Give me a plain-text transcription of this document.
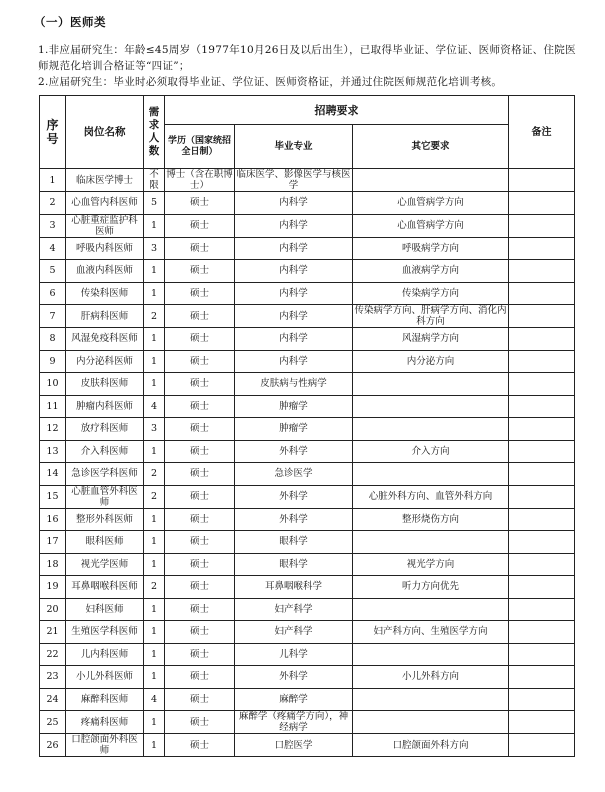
（一）医师类

1.非应届研究生：年龄≤45周岁（1977年10月26日及以后出生），已取得毕业证、学位证、医师资格证、住院医师规范化培训合格证等“四证”；

2.应届研究生：毕业时必须取得毕业证、学位证、医师资格证，并通过住院医师规范化培训考核。

序号	岗位名称	需求人数	招聘要求			备注
			学历（国家统招全日制）	毕业专业	其它要求	
1	临床医学博士	不限	博士（含在职博士）	临床医学、影像医学与核医学		
2	心血管内科医师	5	硕士	内科学	心血管病学方向	
3	心脏重症监护科医师	1	硕士	内科学	心血管病学方向	
4	呼吸内科医师	3	硕士	内科学	呼吸病学方向	
5	血液内科医师	1	硕士	内科学	血液病学方向	
6	传染科医师	1	硕士	内科学	传染病学方向	
7	肝病科医师	2	硕士	内科学	传染病学方向、肝病学方向、消化内科方向	
8	风湿免疫科医师	1	硕士	内科学	风湿病学方向	
9	内分泌科医师	1	硕士	内科学	内分泌方向	
10	皮肤科医师	1	硕士	皮肤病与性病学		
11	肿瘤内科医师	4	硕士	肿瘤学		
12	放疗科医师	3	硕士	肿瘤学		
13	介入科医师	1	硕士	外科学	介入方向	
14	急诊医学科医师	2	硕士	急诊医学		
15	心脏血管外科医师	2	硕士	外科学	心脏外科方向、血管外科方向	
16	整形外科医师	1	硕士	外科学	整形烧伤方向	
17	眼科医师	1	硕士	眼科学		
18	视光学医师	1	硕士	眼科学	视光学方向	
19	耳鼻咽喉科医师	2	硕士	耳鼻咽喉科学	听力方向优先	
20	妇科医师	1	硕士	妇产科学		
21	生殖医学科医师	1	硕士	妇产科学	妇产科方向、生殖医学方向	
22	儿内科医师	1	硕士	儿科学		
23	小儿外科医师	1	硕士	外科学	小儿外科方向	
24	麻醉科医师	4	硕士	麻醉学		
25	疼痛科医师	1	硕士	麻醉学（疼痛学方向），神经病学		
26	口腔颌面外科医师	1	硕士	口腔医学	口腔颌面外科方向	
